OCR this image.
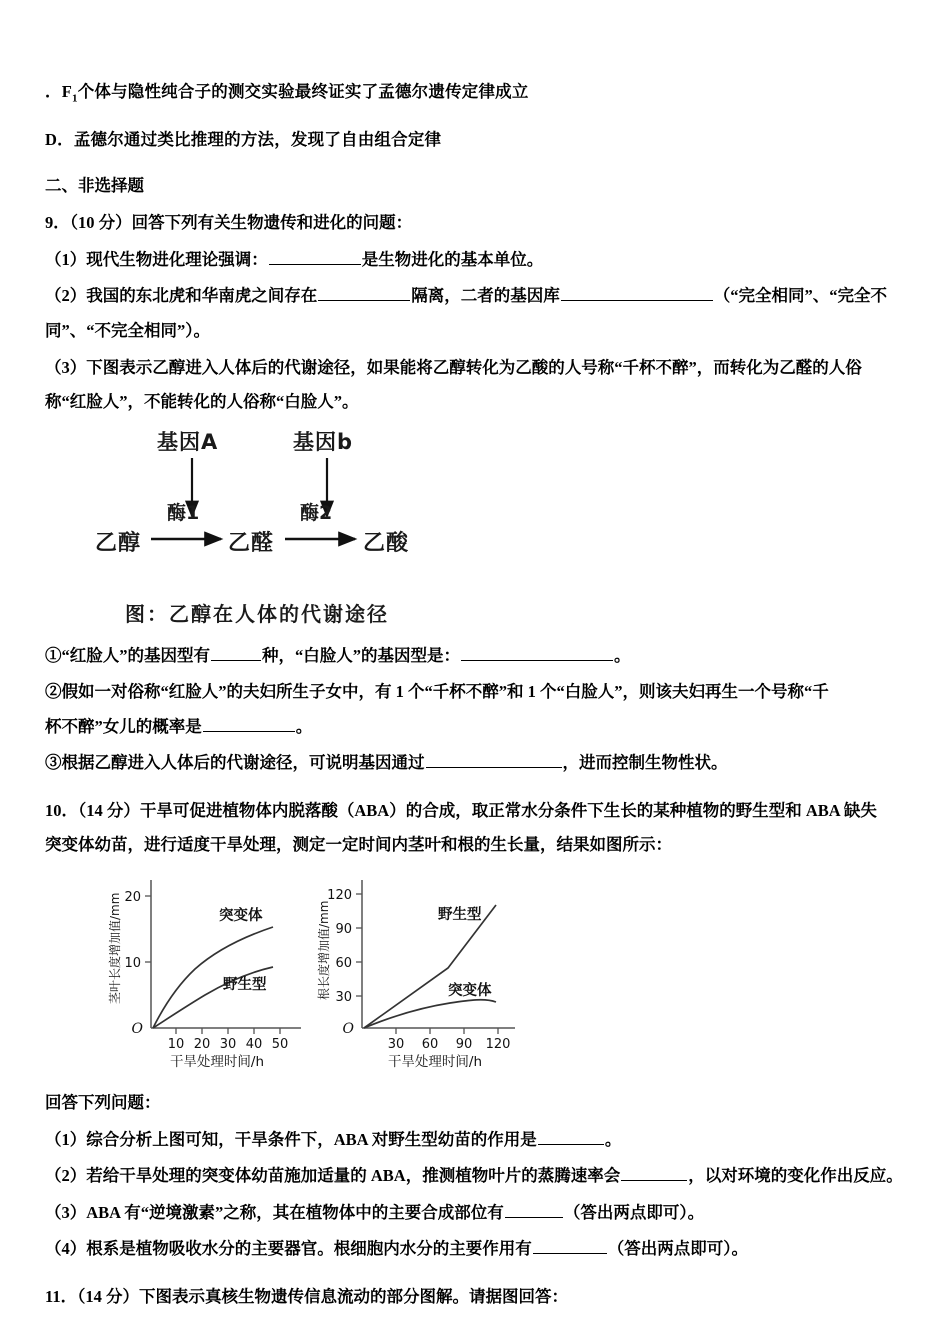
．$F_1$个体与隐性纯合子的测交实验最终证实了孟德尔遗传定律成立
D．孟德尔通过类比推理的方法，发现了自由组合定律
二、非选择题
9．（10 分）回答下列有关生物遗传和进化的问题：
（1）现代生物进化理论强调：	是生物进化的基本单位。
（2）我国的东北虎和华南虎之间存在	隔离，二者的基因库	（“完全相同”、“完全不
同”、“不完全相同”）。
（3）下图表示乙醇进入人体后的代谢途径，如果能将乙醇转化为乙酸的人号称“千杯不醉”，而转化为乙醛的人俗
称“红脸人”，不能转化的人俗称“白脸人”。
基因A	基因b
酶1	酶2
乙醇	乙醛	乙酸
图：乙醇在人体的代谢途径
①“红脸人”的基因型有	种，“白脸人”的基因型是：	。
②假如一对俗称“红脸人”的夫妇所生子女中，有 1 个“千杯不醉”和 1 个“白脸人”，则该夫妇再生一个号称“千
杯不醉”女儿的概率是	。
③根据乙醇进入人体后的代谢途径，可说明基因通过	，进而控制生物性状。
10．（14 分）干旱可促进植物体内脱落酸（ABA）的合成，取正常水分条件下生长的某种植物的野生型和 ABA 缺失
突变体幼苗，进行适度干旱处理，测定一定时间内茎叶和根的生长量，结果如图所示：
20
10
O
10 20 30 40 50
突变体
野生型
茎叶长度增加值/mm
干旱处理时间/h
120
90
60
30
O
30 60 90 120
野生型
突变体
根长度增加值/mm
干旱处理时间/h
回答下列问题：
（1）综合分析上图可知，干旱条件下，ABA 对野生型幼苗的作用是	。
（2）若给干旱处理的突变体幼苗施加适量的 ABA，推测植物叶片的蒸腾速率会	，以对环境的变化作出反应。
（3）ABA 有“逆境激素”之称，其在植物体中的主要合成部位有	（答出两点即可）。
（4）根系是植物吸收水分的主要器官。根细胞内水分的主要作用有	（答出两点即可）。
11．（14 分）下图表示真核生物遗传信息流动的部分图解。请据图回答：
